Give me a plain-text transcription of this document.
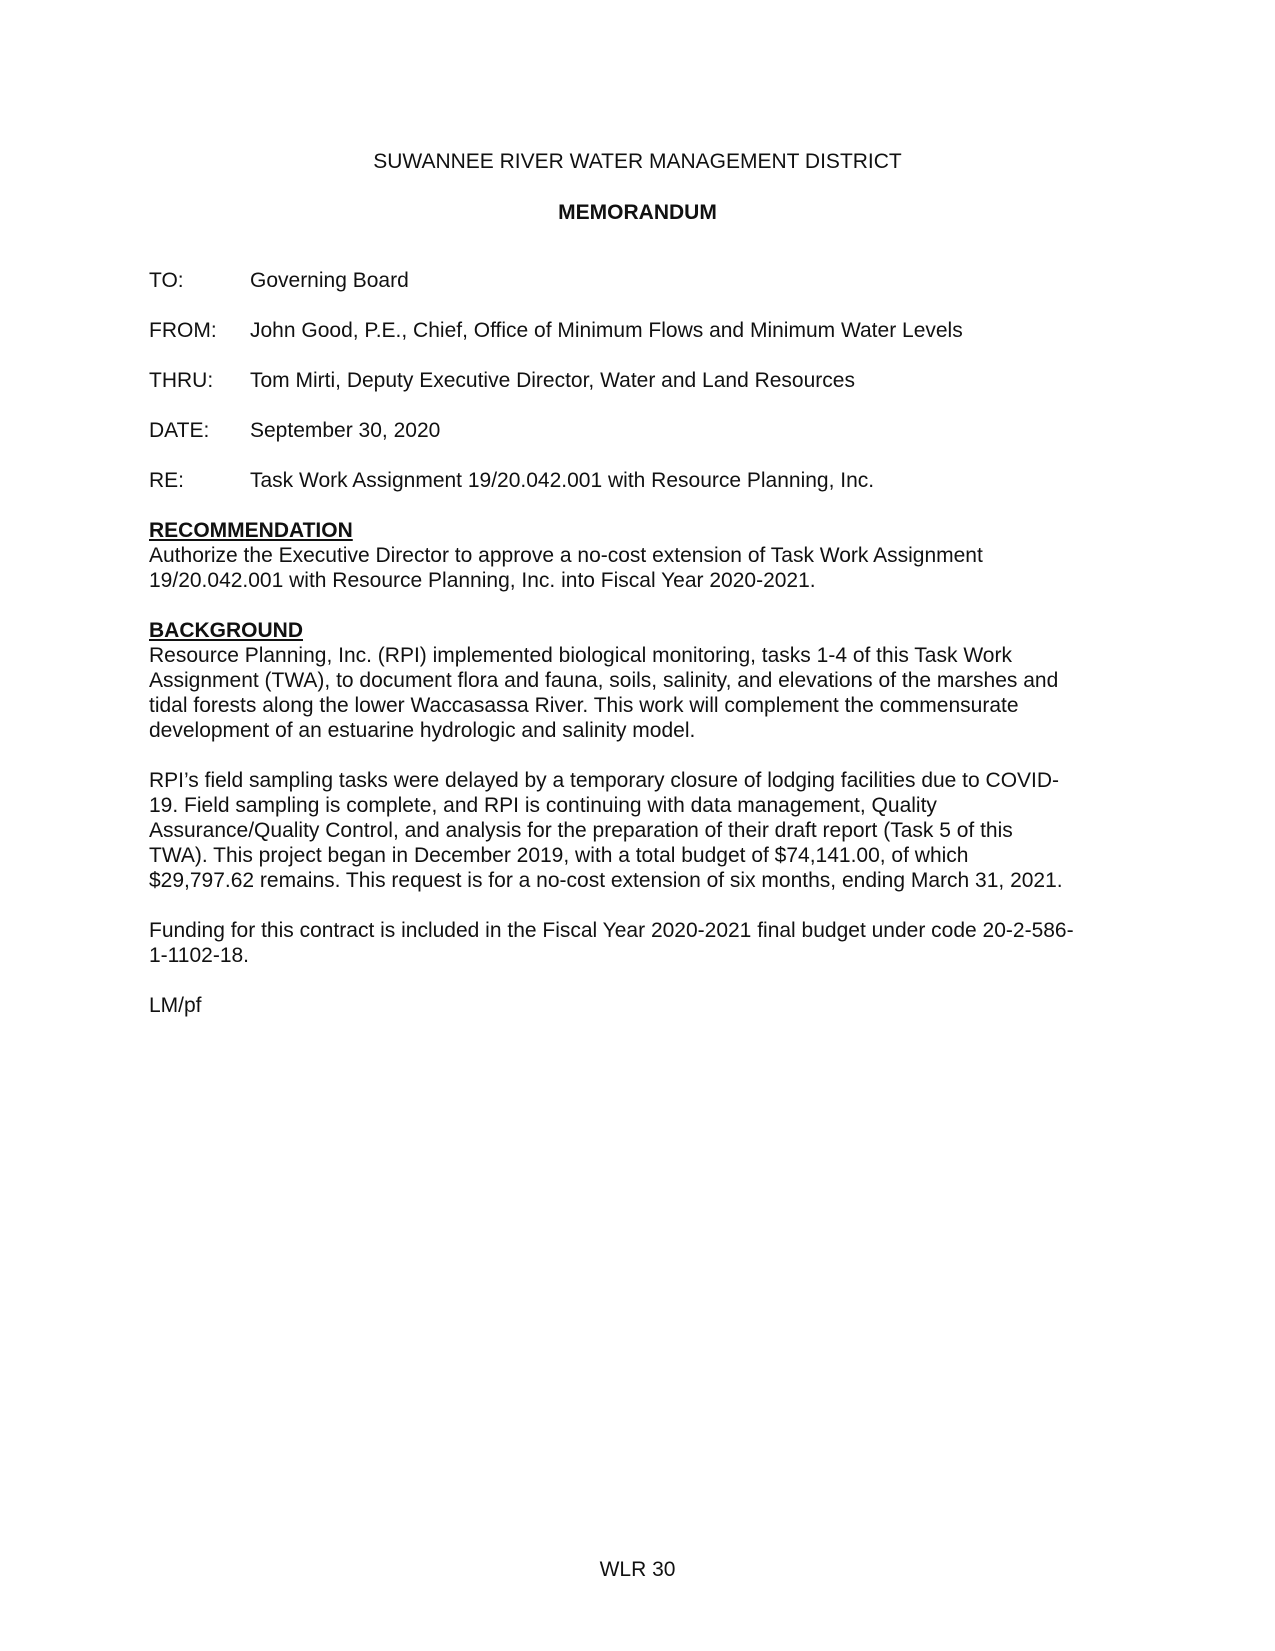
SUWANNEE RIVER WATER MANAGEMENT DISTRICT
MEMORANDUM
TO:	Governing Board
FROM: John Good, P.E., Chief, Office of Minimum Flows and Minimum Water Levels
THRU: Tom Mirti, Deputy Executive Director, Water and Land Resources
DATE: September 30, 2020
RE:	Task Work Assignment 19/20.042.001 with Resource Planning, Inc.
RECOMMENDATION
Authorize the Executive Director to approve a no-cost extension of Task Work Assignment
19/20.042.001 with Resource Planning, Inc. into Fiscal Year 2020-2021.
BACKGROUND
Resource Planning, Inc. (RPI) implemented biological monitoring, tasks 1-4 of this Task Work
Assignment (TWA), to document flora and fauna, soils, salinity, and elevations of the marshes and
tidal forests along the lower Waccasassa River. This work will complement the commensurate
development of an estuarine hydrologic and salinity model.
RPI’s field sampling tasks were delayed by a temporary closure of lodging facilities due to COVID-
19. Field sampling is complete, and RPI is continuing with data management, Quality
Assurance/Quality Control, and analysis for the preparation of their draft report (Task 5 of this
TWA). This project began in December 2019, with a total budget of $74,141.00, of which
$29,797.62 remains. This request is for a no-cost extension of six months, ending March 31, 2021.
Funding for this contract is included in the Fiscal Year 2020-2021 final budget under code 20-2-586-
1-1102-18.
LM/pf
WLR 30
